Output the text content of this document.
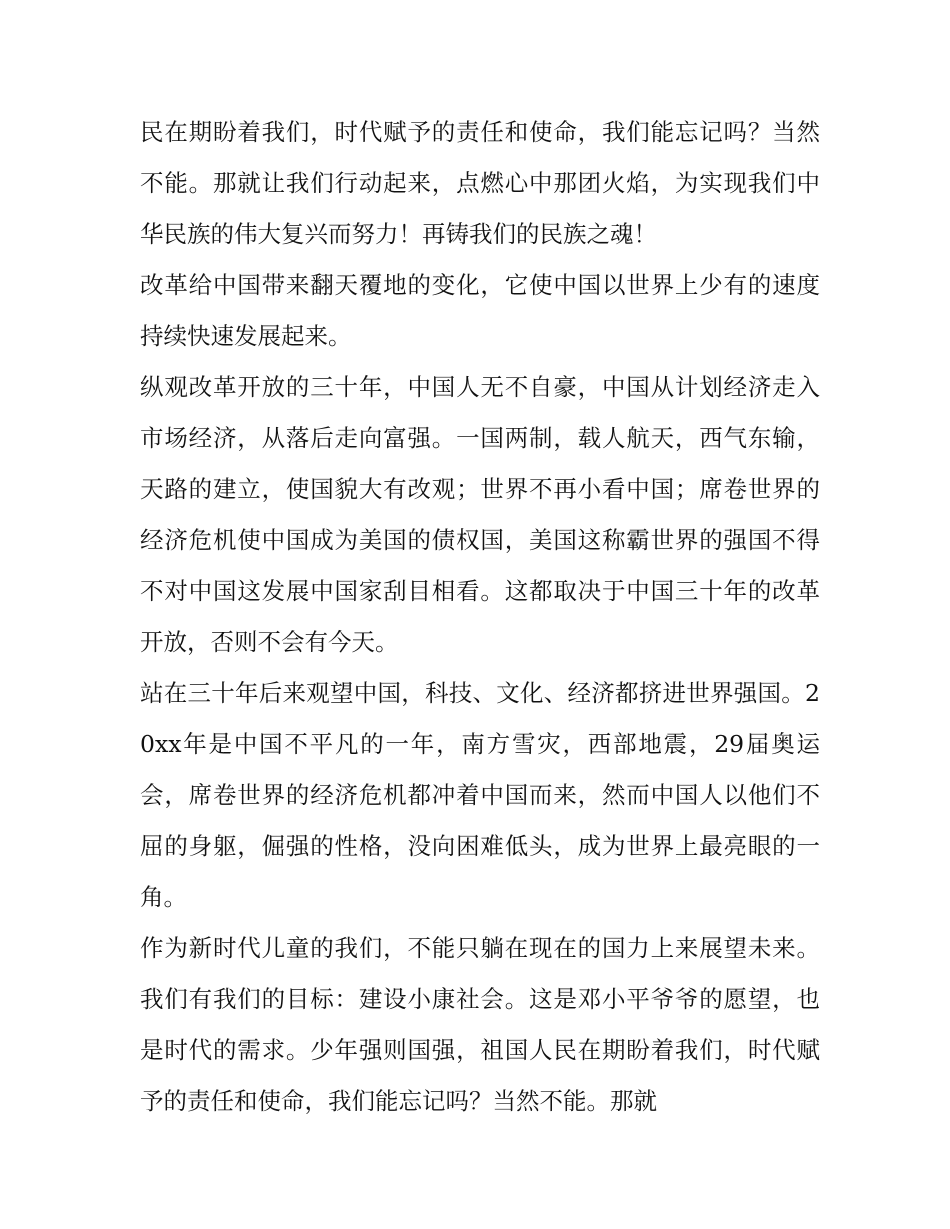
民在期盼着我们，时代赋予的责任和使命，我们能忘记吗？当然不能。那就让我们行动起来，点燃心中那团火焰，为实现我们中华民族的伟大复兴而努力！再铸我们的民族之魂！

改革给中国带来翻天覆地的变化，它使中国以世界上少有的速度持续快速发展起来。

纵观改革开放的三十年，中国人无不自豪，中国从计划经济走入市场经济，从落后走向富强。一国两制，载人航天，西气东输，天路的建立，使国貌大有改观；世界不再小看中国；席卷世界的经济危机使中国成为美国的债权国，美国这称霸世界的强国不得不对中国这发展中国家刮目相看。这都取决于中国三十年的改革开放，否则不会有今天。

站在三十年后来观望中国，科技、文化、经济都挤进世界强国。20xx年是中国不平凡的一年，南方雪灾，西部地震，29届奥运会，席卷世界的经济危机都冲着中国而来，然而中国人以他们不屈的身躯，倔强的性格，没向困难低头，成为世界上最亮眼的一角。

作为新时代儿童的我们，不能只躺在现在的国力上来展望未来。我们有我们的目标：建设小康社会。这是邓小平爷爷的愿望，也是时代的需求。少年强则国强，祖国人民在期盼着我们，时代赋予的责任和使命，我们能忘记吗？当然不能。那就
